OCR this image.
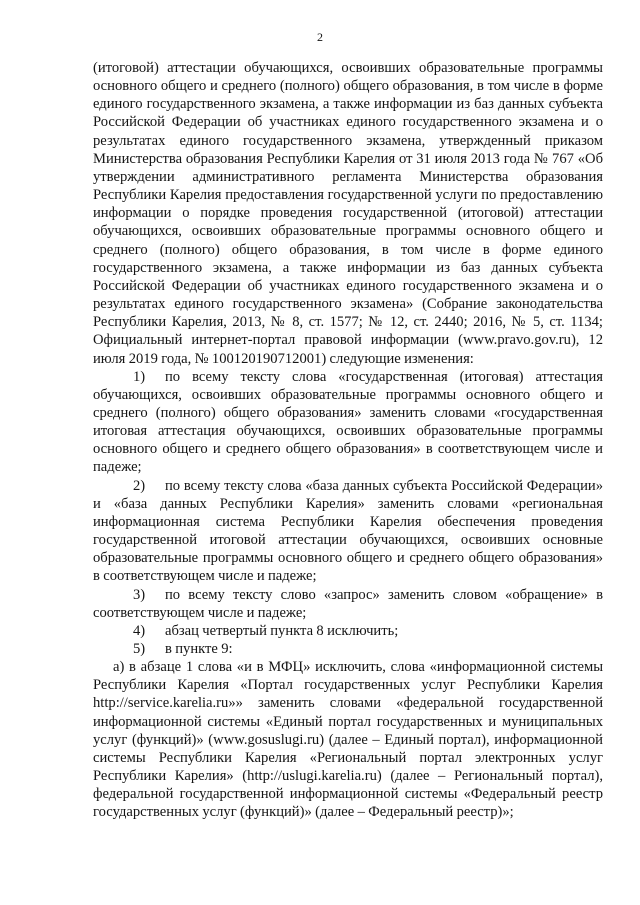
2

(итоговой) аттестации обучающихся, освоивших образовательные программы основного общего и среднего (полного) общего образования, в том числе в форме единого государственного экзамена, а также информации из баз данных субъекта Российской Федерации об участниках единого государственного экзамена и о результатах единого государственного экзамена, утвержденный приказом Министерства образования Республики Карелия от 31 июля 2013 года № 767 «Об утверждении административного регламента Министерства образования Республики Карелия предоставления государственной услуги по предоставлению информации о порядке проведения государственной (итоговой) аттестации обучающихся, освоивших образовательные программы основного общего и среднего (полного) общего образования, в том числе в форме единого государственного экзамена, а также информации из баз данных субъекта Российской Федерации об участниках единого государственного экзамена и о результатах единого государственного экзамена» (Собрание законодательства Республики Карелия, 2013, № 8, ст. 1577; № 12, ст. 2440; 2016, № 5, ст. 1134; Официальный интернет-портал правовой информации (www.pravo.gov.ru), 12 июля 2019 года, № 100120190712001) следующие изменения:

1) по всему тексту слова «государственная (итоговая) аттестация обучающихся, освоивших образовательные программы основного общего и среднего (полного) общего образования» заменить словами «государственная итоговая аттестация обучающихся, освоивших образовательные программы основного общего и среднего общего образования» в соответствующем числе и падеже;

2) по всему тексту слова «база данных субъекта Российской Федерации» и «база данных Республики Карелия» заменить словами «региональная информационная система Республики Карелия обеспечения проведения государственной итоговой аттестации обучающихся, освоивших основные образовательные программы основного общего и среднего общего образования» в соответствующем числе и падеже;

3) по всему тексту слово «запрос» заменить словом «обращение» в соответствующем числе и падеже;

4) абзац четвертый пункта 8 исключить;

5) в пункте 9:

а) в абзаце 1 слова «и в МФЦ» исключить, слова «информационной системы Республики Карелия «Портал государственных услуг Республики Карелия http://service.karelia.ru»» заменить словами «федеральной государственной информационной системы «Единый портал государственных и муниципальных услуг (функций)» (www.gosuslugi.ru) (далее – Единый портал), информационной системы Республики Карелия «Региональный портал электронных услуг Республики Карелия» (http://uslugi.karelia.ru) (далее – Региональный портал), федеральной государственной информационной системы «Федеральный реестр государственных услуг (функций)» (далее – Федеральный реестр)»;
